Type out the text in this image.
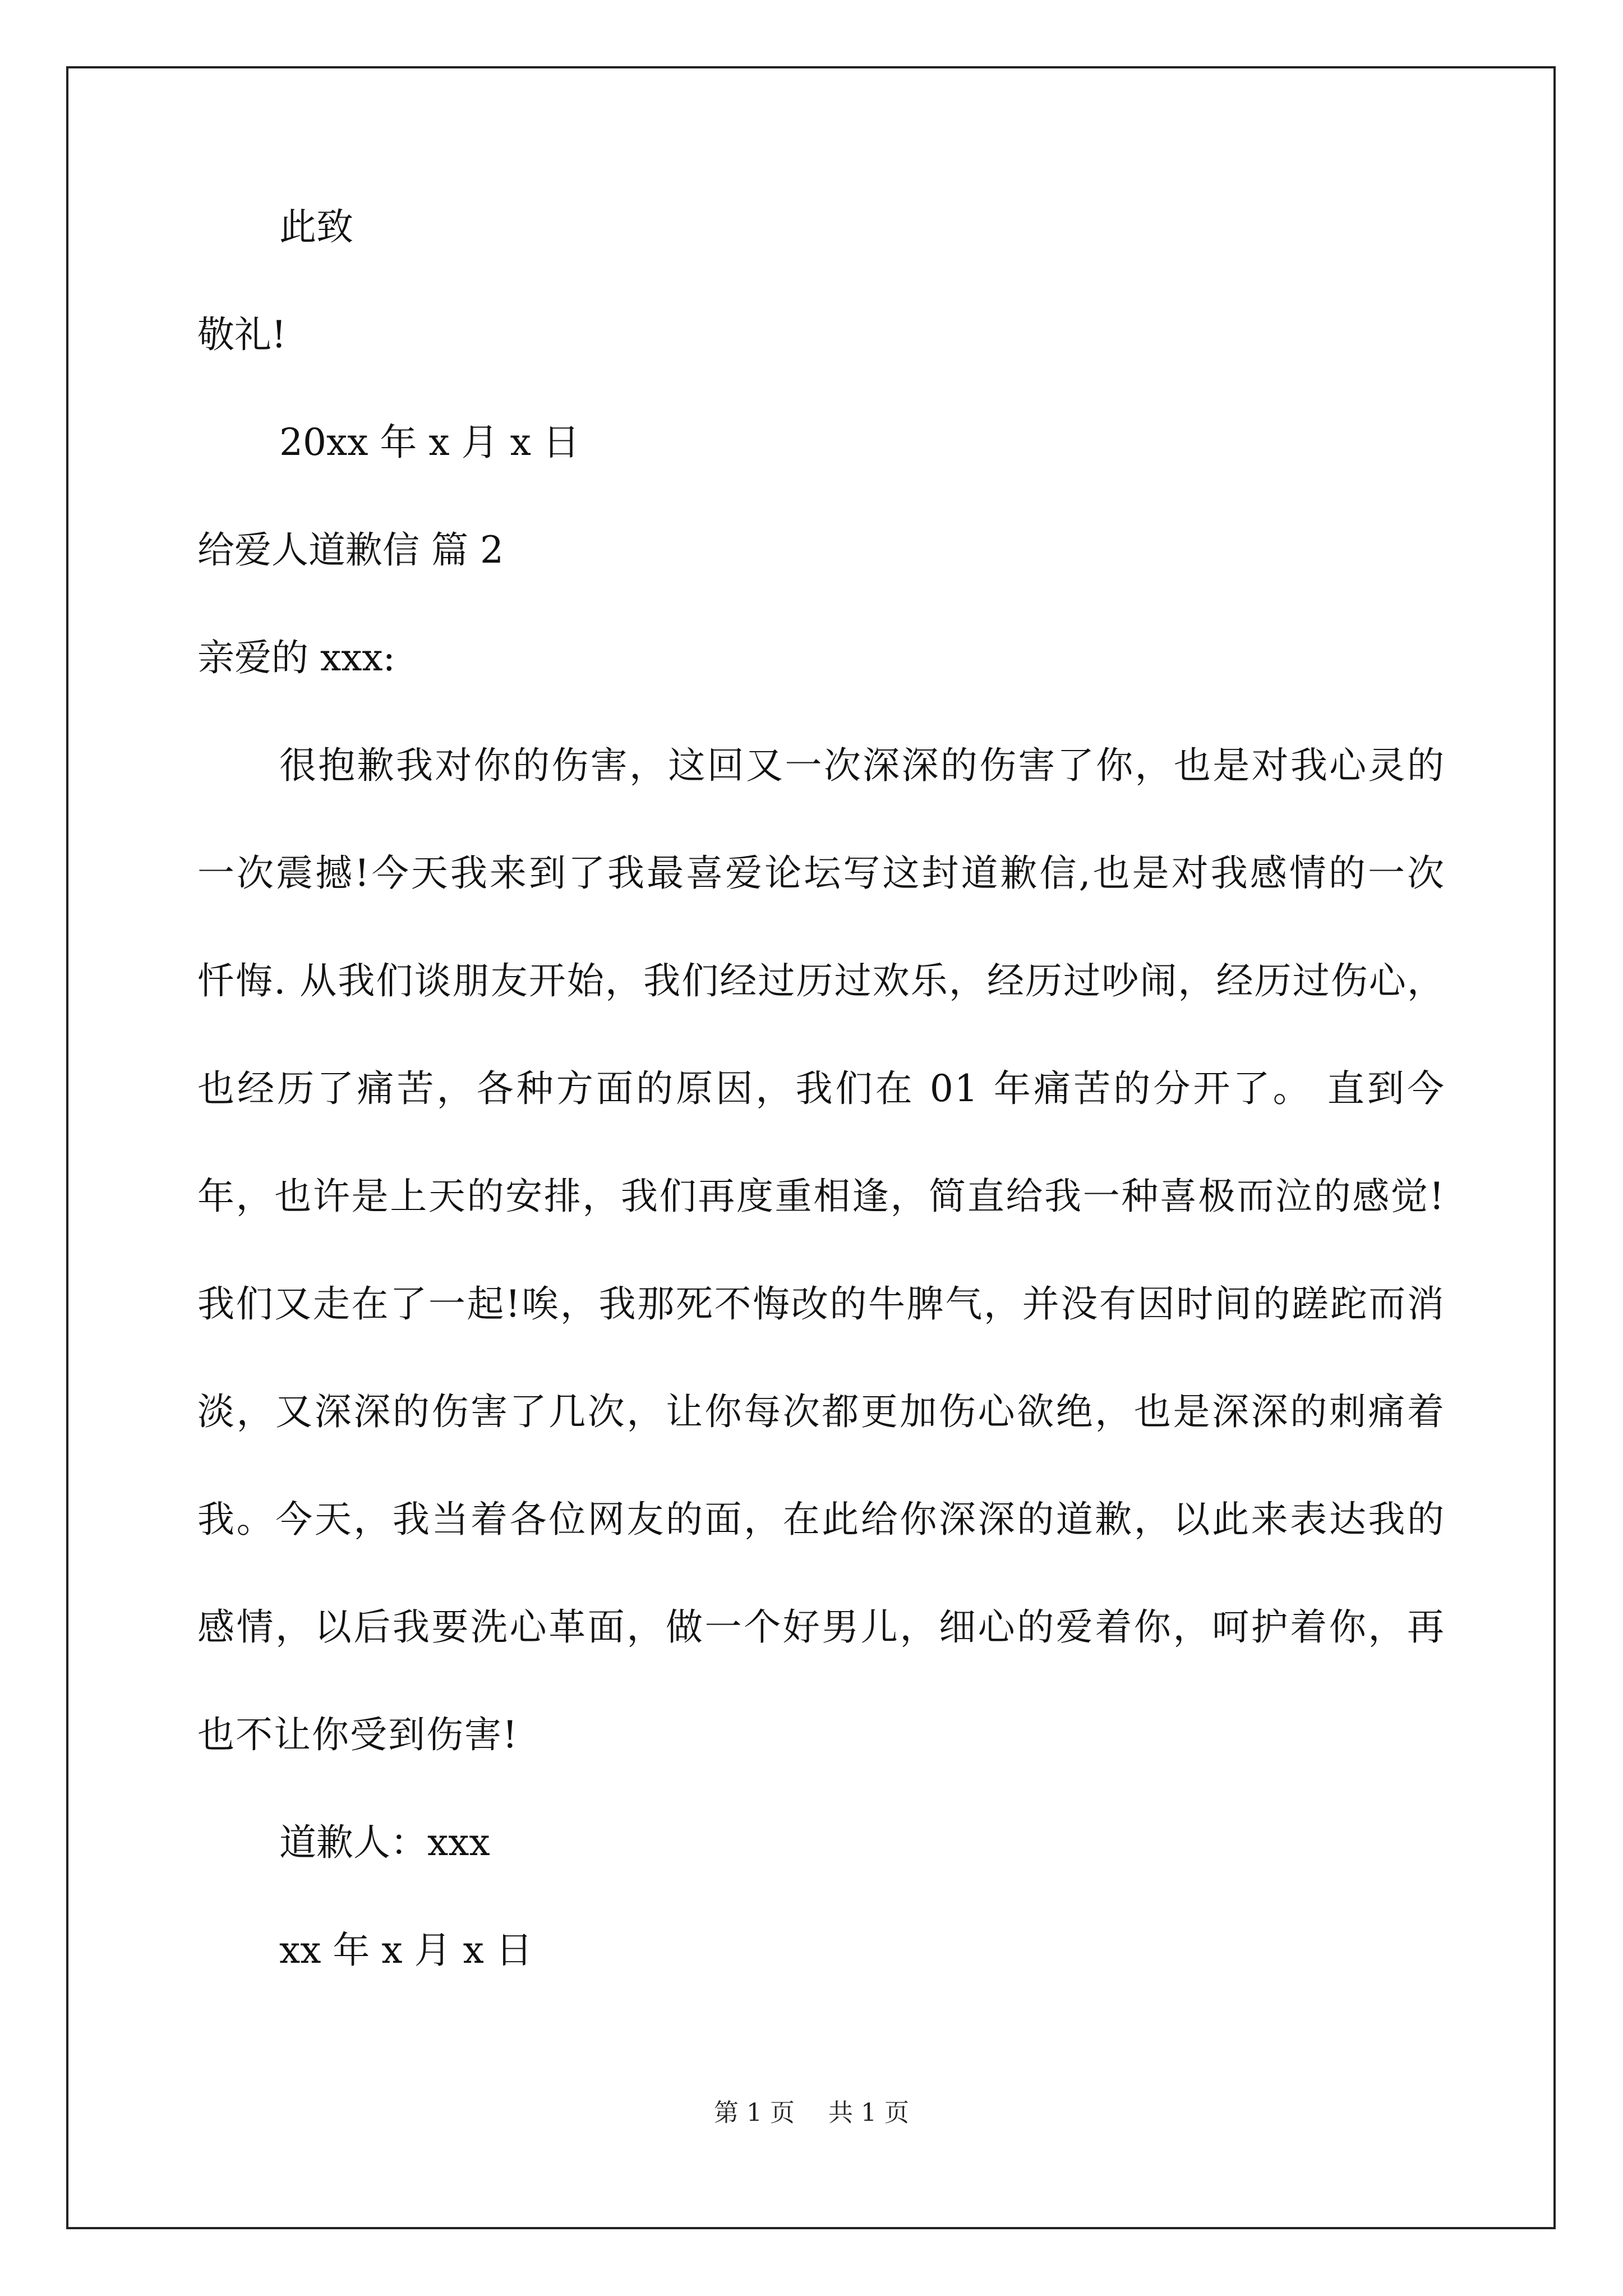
此致

敬礼!

20xx 年 x 月 x 日

给爱人道歉信 篇 2

亲爱的 xxx:

很抱歉我对你的伤害，这回又一次深深的伤害了你，也是对我心灵的一次震撼!今天我来到了我最喜爱论坛写这封道歉信,也是对我感情的一次忏悔. 从我们谈朋友开始，我们经过历过欢乐，经历过吵闹，经历过伤心，也经历了痛苦，各种方面的原因，我们在 01 年痛苦的分开了。 直到今年，也许是上天的安排，我们再度重相逢，简直给我一种喜极而泣的感觉!我们又走在了一起!唉，我那死不悔改的牛脾气，并没有因时间的蹉跎而消淡，又深深的伤害了几次，让你每次都更加伤心欲绝，也是深深的刺痛着我。今天，我当着各位网友的面，在此给你深深的道歉，以此来表达我的感情，以后我要洗心革面，做一个好男儿，细心的爱着你，呵护着你，再也不让你受到伤害!

道歉人：xxx

xx 年 x 月 x 日

第 1 页 共 1 页
